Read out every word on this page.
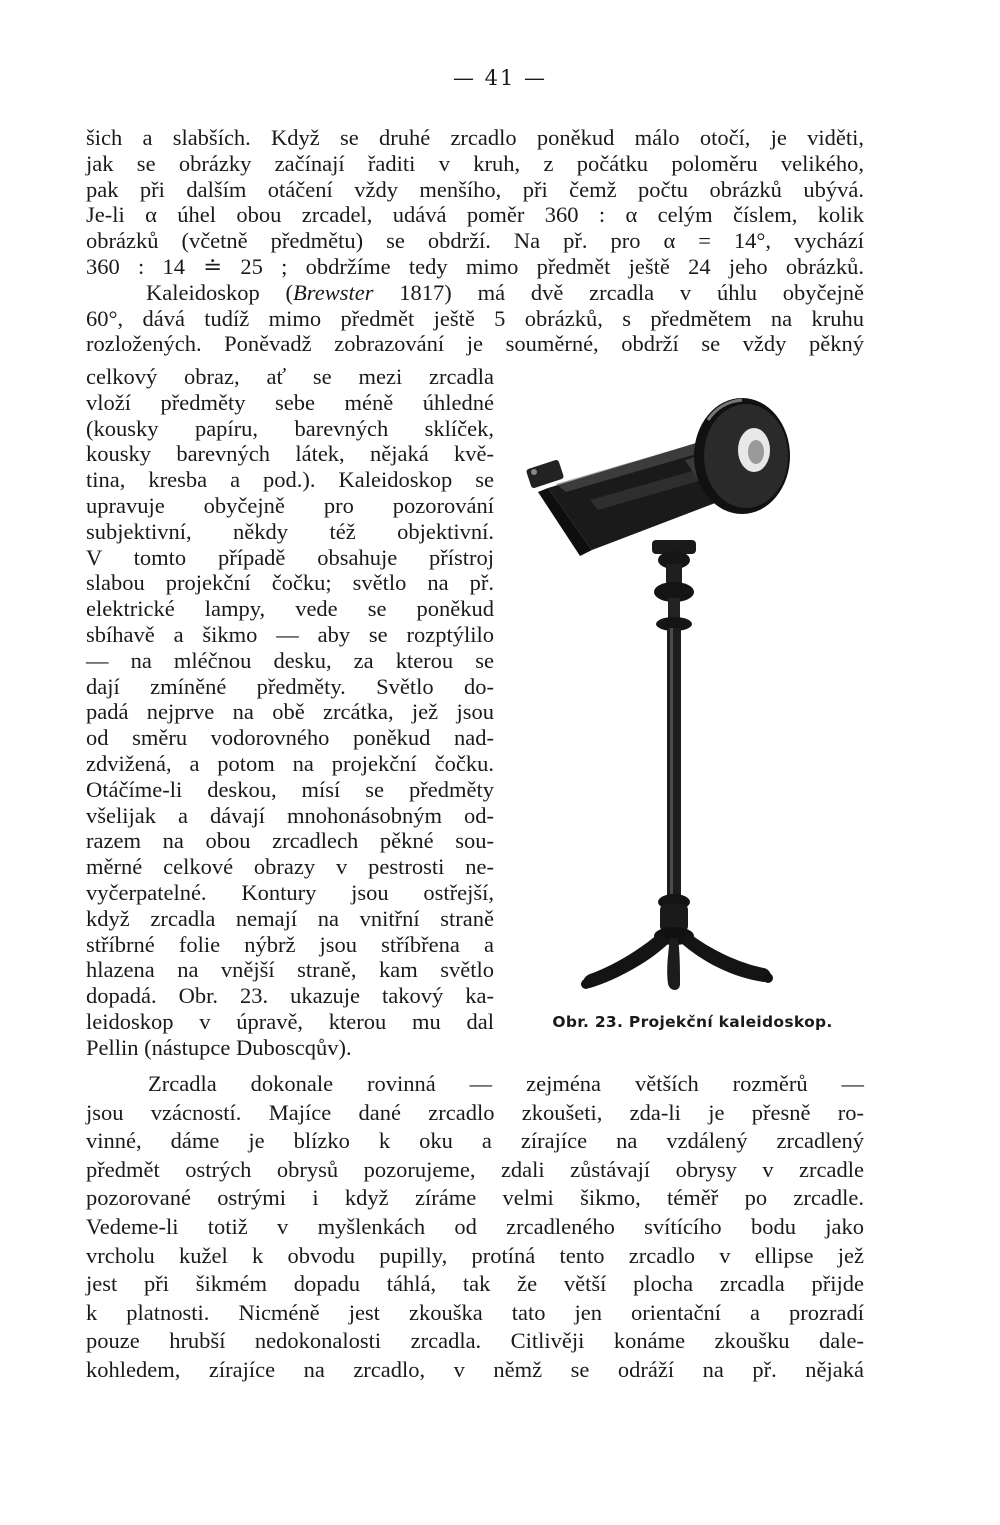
— 41 —
šich a slabších. Když se druhé zrcadlo poněkud málo otočí, je viděti,
jak se obrázky začínají řaditi v kruh, z počátku poloměru velikého,
pak při dalším otáčení vždy menšího, při čemž počtu obrázků ubývá.
Je-li α úhel obou zrcadel, udává poměr 360 : α celým číslem, kolik
obrázků (včetně předmětu) se obdrží. Na př. pro α = 14°, vychází
360 : 14 ≐ 25 ; obdržíme tedy mimo předmět ještě 24 jeho obrázků.
Kaleidoskop (Brewster 1817) má dvě zrcadla v úhlu obyčejně
60°, dává tudíž mimo předmět ještě 5 obrázků, s předmětem na kruhu
rozložených. Poněvadž zobrazování je souměrné, obdrží se vždy pěkný
celkový obraz, ať se mezi zrcadla
vloží předměty sebe méně úhledné
(kousky papíru, barevných sklíček,
kousky barevných látek, nějaká kvě-
tina, kresba a pod.). Kaleidoskop se
upravuje obyčejně pro pozorování
subjektivní, někdy též objektivní.
V tomto případě obsahuje přístroj
slabou projekční čočku; světlo na př.
elektrické lampy, vede se poněkud
sbíhavě a šikmo — aby se rozptýlilo
— na mléčnou desku, za kterou se
dají zmíněné předměty. Světlo do-
padá nejprve na obě zrcátka, jež jsou
od směru vodorovného poněkud nad-
zdvižená, a potom na projekční čočku.
Otáčíme-li deskou, mísí se předměty
všelijak a dávají mnohonásobným od-
razem na obou zrcadlech pěkné sou-
měrné celkové obrazy v pestrosti ne-
vyčerpatelné. Kontury jsou ostřejší,
když zrcadla nemají na vnitřní straně
stříbrné folie nýbrž jsou stříbřena a
hlazena na vnější straně, kam světlo
dopadá. Obr. 23. ukazuje takový ka-
leidoskop v úpravě, kterou mu dal
Pellin (nástupce Duboscqův).
Obr. 23. Projekční kaleidoskop.
Zrcadla dokonale rovinná — zejména větších rozměrů —
jsou vzácností. Majíce dané zrcadlo zkoušeti, zda-li je přesně ro-
vinné, dáme je blízko k oku a zírajíce na vzdálený zrcadlený
předmět ostrých obrysů pozorujeme, zdali zůstávají obrysy v zrcadle
pozorované ostrými i když zíráme velmi šikmo, téměř po zrcadle.
Vedeme-li totiž v myšlenkách od zrcadleného svítícího bodu jako
vrcholu kužel k obvodu pupilly, protíná tento zrcadlo v ellipse jež
jest při šikmém dopadu táhlá, tak že větší plocha zrcadla přijde
k platnosti. Nicméně jest zkouška tato jen orientační a prozradí
pouze hrubší nedokonalosti zrcadla. Citlivěji konáme zkoušku dale-
kohledem, zírajíce na zrcadlo, v němž se odráží na př. nějaká
